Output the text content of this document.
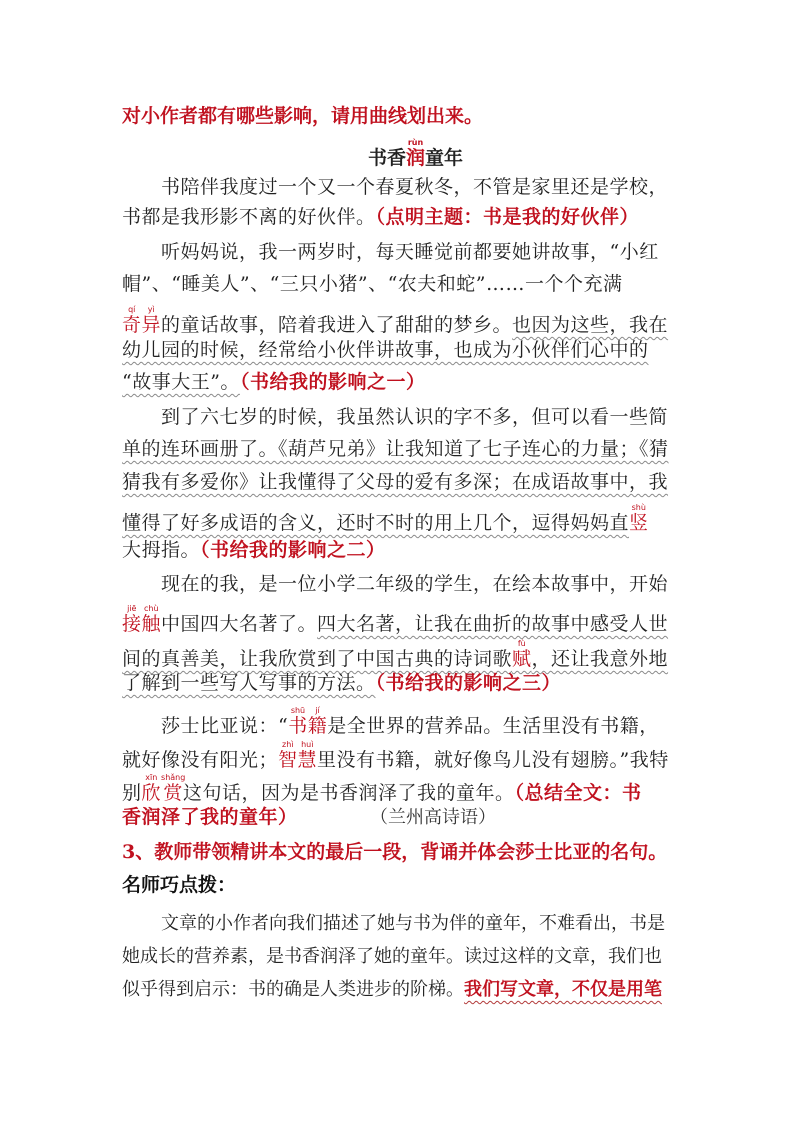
对小作者都有哪些影响，请用曲线划出来。
书香润rùn童年
书陪伴我度过一个又一个春夏秋冬，不管是家里还是学校，
书都是我形影不离的好伙伴。（点明主题：书是我的好伙伴）
听妈妈说，我一两岁时，每天睡觉前都要她讲故事，“小红
帽”、“睡美人”、“三只小猪”、“农夫和蛇”……一个个充满
奇qí异yì的童话故事，陪着我进入了甜甜的梦乡。也因为这些，我在
幼儿园的时候，经常给小伙伴讲故事，也成为小伙伴们心中的
“故事大王”。（书给我的影响之一）
到了六七岁的时候，我虽然认识的字不多，但可以看一些简
单的连环画册了。《葫芦兄弟》让我知道了七子连心的力量；《猜
猜我有多爱你》让我懂得了父母的爱有多深；在成语故事中，我
懂得了好多成语的含义，还时不时的用上几个，逗得妈妈直竖shù
大拇指。（书给我的影响之二）
现在的我，是一位小学二年级的学生，在绘本故事中，开始
接jiē触chù中国四大名著了。四大名著，让我在曲折的故事中感受人世
间的真善美，让我欣赏到了中国古典的诗词歌赋fù，还让我意外地
了解到一些写人写事的方法。（书给我的影响之三）
莎士比亚说：“书shū籍jí是全世界的营养品。生活里没有书籍，
就好像没有阳光；智zhì慧huì里没有书籍，就好像鸟儿没有翅膀。”我特
别欣xīn赏shǎng这句话，因为是书香润泽了我的童年。（总结全文：书
香润泽了我的童年）	（兰州高诗语）
3、教师带领精讲本文的最后一段，背诵并体会莎士比亚的名句。
名师巧点拨：
文章的小作者向我们描述了她与书为伴的童年，不难看出，书是
她成长的营养素，是书香润泽了她的童年。读过这样的文章，我们也
似乎得到启示：书的确是人类进步的阶梯。我们写文章，不仅是用笔
